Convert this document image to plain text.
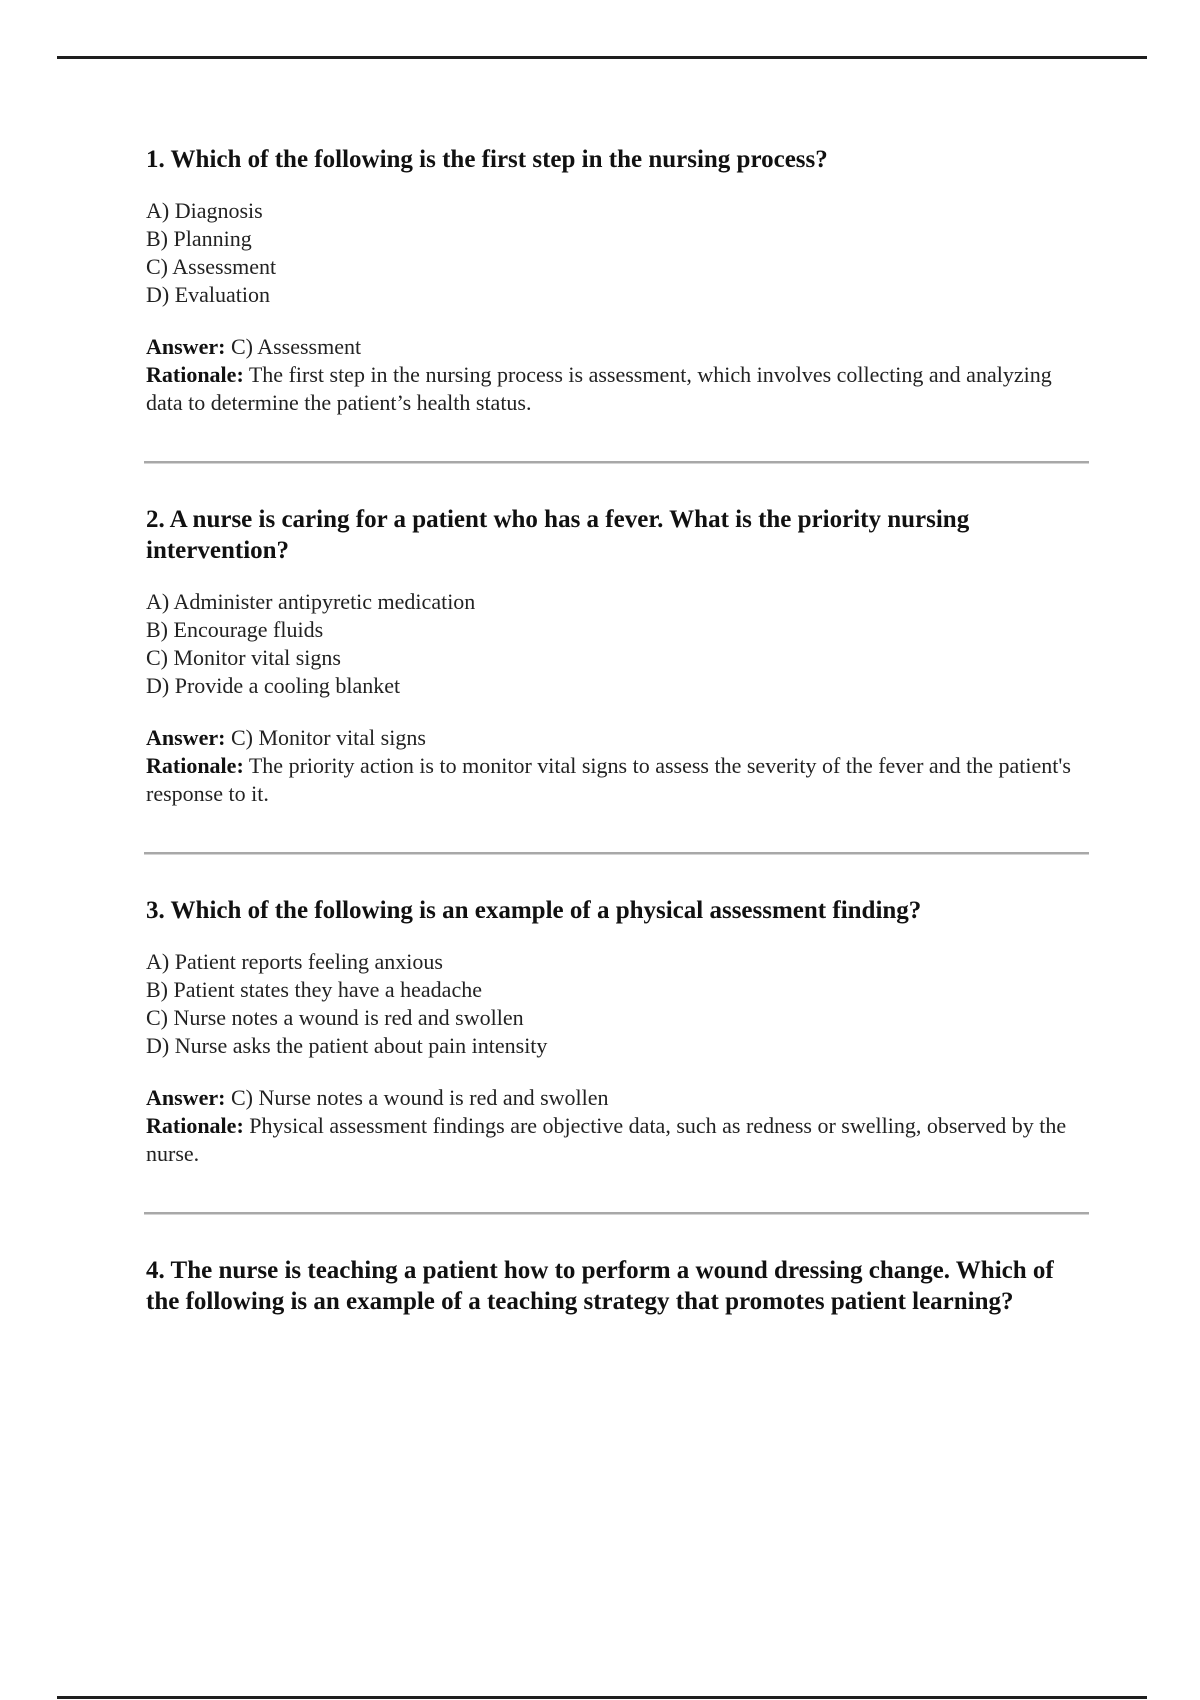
1. Which of the following is the first step in the nursing process?

A) Diagnosis
B) Planning
C) Assessment
D) Evaluation
Answer: C) Assessment
Rationale: The first step in the nursing process is assessment, which involves collecting and analyzing data to determine the patient’s health status.

2. A nurse is caring for a patient who has a fever. What is the priority nursing intervention?

A) Administer antipyretic medication
B) Encourage fluids
C) Monitor vital signs
D) Provide a cooling blanket
Answer: C) Monitor vital signs
Rationale: The priority action is to monitor vital signs to assess the severity of the fever and the patient's response to it.

3. Which of the following is an example of a physical assessment finding?

A) Patient reports feeling anxious
B) Patient states they have a headache
C) Nurse notes a wound is red and swollen
D) Nurse asks the patient about pain intensity
Answer: C) Nurse notes a wound is red and swollen
Rationale: Physical assessment findings are objective data, such as redness or swelling, observed by the nurse.

4. The nurse is teaching a patient how to perform a wound dressing change. Which of the following is an example of a teaching strategy that promotes patient learning?
